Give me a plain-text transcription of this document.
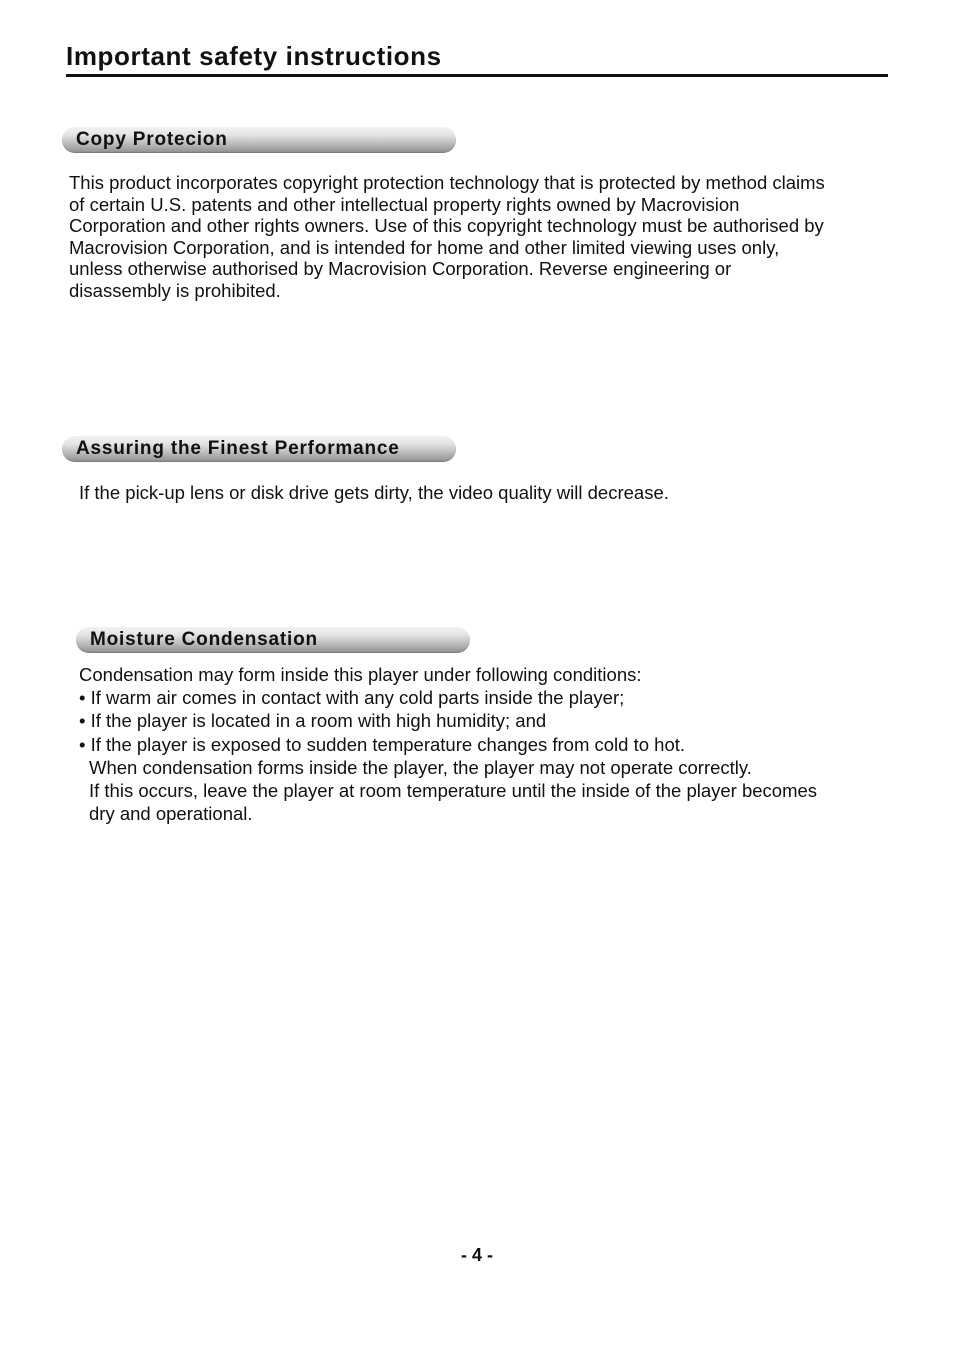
Important safety instructions
Copy Protecion

This product incorporates copyright protection technology that is protected by method claims

of certain U.S. patents and other intellectual property rights owned by Macrovision

Corporation and other rights owners. Use of this copyright technology must be authorised by

Macrovision Corporation, and is intended for home and other limited viewing uses only,

unless otherwise authorised by Macrovision Corporation. Reverse engineering or

disassembly is prohibited.

Assuring the Finest Performance

If the pick-up lens or disk drive gets dirty, the video quality will decrease.

Moisture Condensation
Condensation may form inside this player under following conditions:
• If warm air comes in contact with any cold parts inside the player;
• If the player is located in a room with high humidity; and
• If the player is exposed to sudden temperature changes from cold to hot.
When condensation forms inside the player, the player may not operate correctly.
If this occurs, leave the player at room temperature until the inside of the player becomes
dry and operational.
- 4 -
